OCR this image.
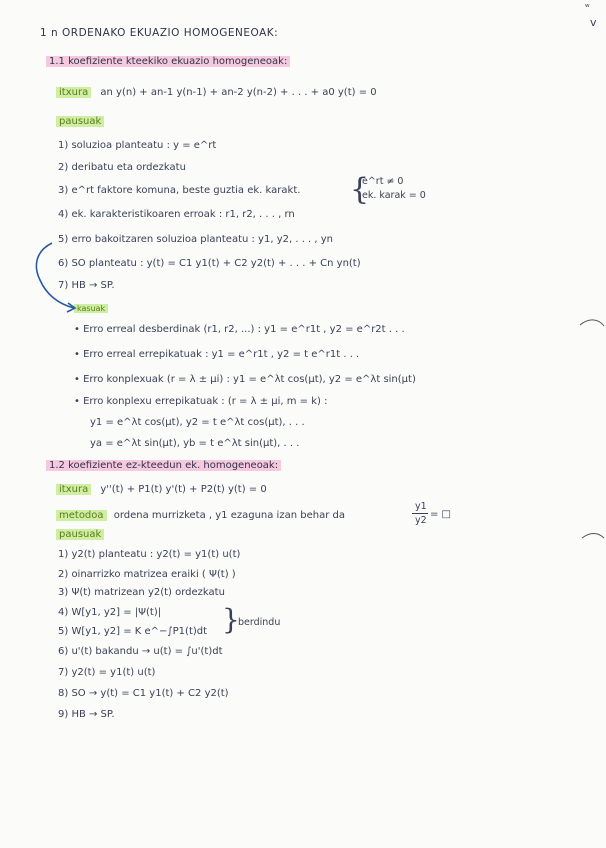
ʷ
v
1 n ORDENAKO EKUAZIO HOMOGENEOAK:
1.1 koefiziente kteekiko ekuazio homogeneoak:
itxura an y(n) + an-1 y(n-1) + an-2 y(n-2) + . . . + a0 y(t) = 0
pausuak
1) soluzioa planteatu : y = e^rt
2) deribatu eta ordezkatu
3) e^rt faktore komuna, beste guztia ek. karakt. {
e^rt ≠ 0
ek. karak = 0
4) ek. karakteristikoaren erroak : r1, r2, . . . , rn
5) erro bakoitzaren soluzioa planteatu : y1, y2, . . . , yn
6) SO planteatu : y(t) = C1 y1(t) + C2 y2(t) + . . . + Cn yn(t)
7) HB → SP.
kasuak
• Erro erreal desberdinak (r1, r2, ...) : y1 = e^r1t , y2 = e^r2t . . .
• Erro erreal errepikatuak : y1 = e^r1t , y2 = t e^r1t . . .
• Erro konplexuak (r = λ ± μi) : y1 = e^λt cos(μt), y2 = e^λt sin(μt)
• Erro konplexu errepikatuak : (r = λ ± μi, m = k) :
y1 = e^λt cos(μt), y2 = t e^λt cos(μt), . . .
ya = e^λt sin(μt), yb = t e^λt sin(μt), . . .
1.2 koefiziente ez-kteedun ek. homogeneoak:
itxura y''(t) + P1(t) y'(t) + P2(t) y(t) = 0
metodoa ordena murrizketa , y1 ezaguna izan behar da
y1
y2
= □
pausuak
1) y2(t) planteatu : y2(t) = y1(t) u(t)
2) oinarrizko matrizea eraiki ( Ψ(t) )
3) Ψ(t) matrizean y2(t) ordezkatu
4) W[y1, y2] = |Ψ(t)|
5) W[y1, y2] = K e^−∫P1(t)dt }
berdindu
6) u'(t) bakandu → u(t) = ∫u'(t)dt
7) y2(t) = y1(t) u(t)
8) SO → y(t) = C1 y1(t) + C2 y2(t)
9) HB → SP.
